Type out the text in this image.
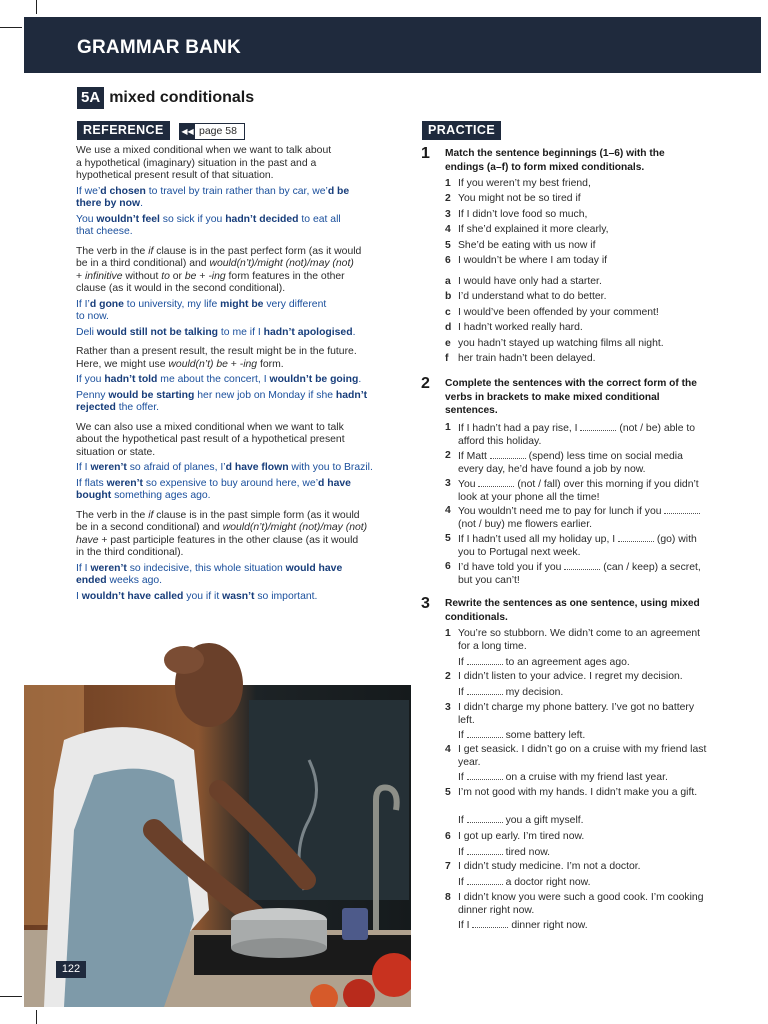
GRAMMAR BANK
5A mixed conditionals
REFERENCE	◀◀ page 58

We use a mixed conditional when we want to talk about
a hypothetical (imaginary) situation in the past and a
hypothetical present result of that situation.

If we’d chosen to travel by train rather than by car, we’d be
there by now.

You wouldn’t feel so sick if you hadn’t decided to eat all
that cheese.

The verb in the if clause is in the past perfect form (as it would
be in a third conditional) and would(n’t)/might (not)/may (not)
+ infinitive without to or be + -ing form features in the other
clause (as it would in the second conditional).

If I’d gone to university, my life might be very different
to now.

Deli would still not be talking to me if I hadn’t apologised.

Rather than a present result, the result might be in the future.
Here, we might use would(n’t) be + -ing form.

If you hadn’t told me about the concert, I wouldn’t be going.

Penny would be starting her new job on Monday if she hadn’t
rejected the offer.

We can also use a mixed conditional when we want to talk
about the hypothetical past result of a hypothetical present
situation or state.

If I weren’t so afraid of planes, I’d have flown with you to Brazil.

If flats weren’t so expensive to buy around here, we’d have
bought something ages ago.

The verb in the if clause is in the past simple form (as it would
be in a second conditional) and would(n’t)/might (not)/may (not)
have + past participle features in the other clause (as it would
in the third conditional).

If I weren’t so indecisive, this whole situation would have
ended weeks ago.

I wouldn’t have called you if it wasn’t so important.

122
PRACTICE
1 Match the sentence beginnings (1–6) with the endings (a–f) to form mixed conditionals.
1 If you weren’t my best friend,
2 You might not be so tired if
3 If I didn’t love food so much,
4 If she’d explained it more clearly,
5 She’d be eating with us now if
6 I wouldn’t be where I am today if
a I would have only had a starter.
b I’d understand what to do better.
c I would’ve been offended by your comment!
d I hadn’t worked really hard.
e you hadn’t stayed up watching films all night.
f her train hadn’t been delayed.
2 Complete the sentences with the correct form of the verbs in brackets to make mixed conditional sentences.
1 If I hadn’t had a pay rise, I	(not / be) able to afford this holiday.
2 If Matt	(spend) less time on social media every day, he’d have found a job by now.
3 You	(not / fall) over this morning if you didn’t look at your phone all the time!
4 You wouldn’t need me to pay for lunch if you  (not / buy) me flowers earlier.
5 If I hadn’t used all my holiday up, I	(go) with you to Portugal next week.
6 I’d have told you if you	(can / keep) a secret, but you can’t!
3 Rewrite the sentences as one sentence, using mixed conditionals.
1 You’re so stubborn. We didn’t come to an agreement for a long time.
If	to an agreement ages ago.
2 I didn’t listen to your advice. I regret my decision.
If	my decision.
3 I didn’t charge my phone battery. I’ve got no battery left.
If	some battery left.
4 I get seasick. I didn’t go on a cruise with my friend last year.
If	on a cruise with my friend last year.
5 I’m not good with my hands. I didn’t make you a gift.
If	you a gift myself.
6 I got up early. I’m tired now.
If	tired now.
7 I didn’t study medicine. I’m not a doctor.
If	a doctor right now.
8 I didn’t know you were such a good cook. I’m cooking dinner right now.
If I	dinner right now.
